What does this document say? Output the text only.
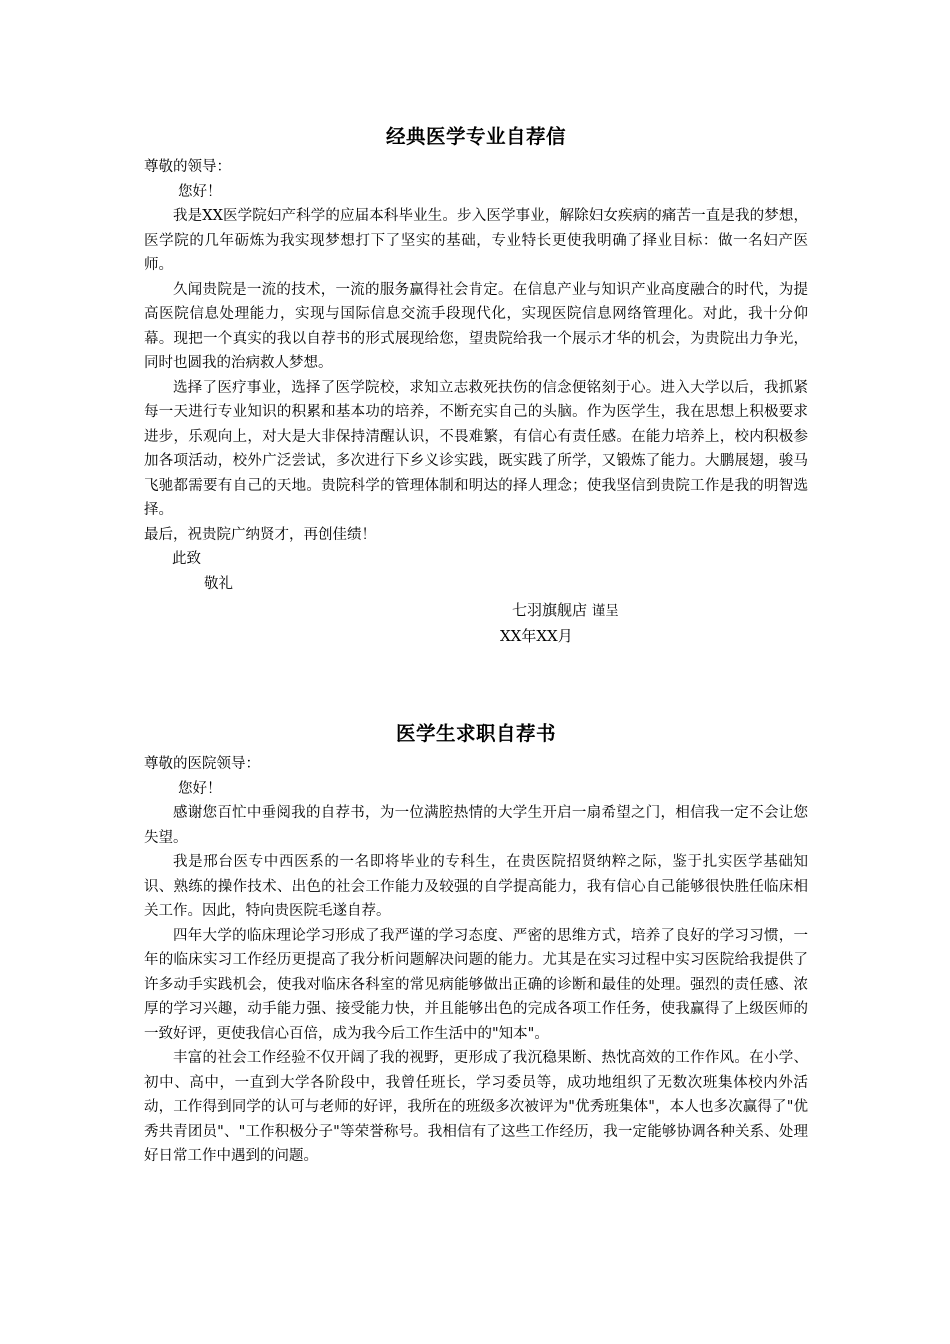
经典医学专业自荐信

尊敬的领导：

您好！

我是XX医学院妇产科学的应届本科毕业生。步入医学事业，解除妇女疾病的痛苦一直是我的梦想，医学院的几年砺炼为我实现梦想打下了坚实的基础，专业特长更使我明确了择业目标：做一名妇产医师。

久闻贵院是一流的技术，一流的服务赢得社会肯定。在信息产业与知识产业高度融合的时代，为提高医院信息处理能力，实现与国际信息交流手段现代化，实现医院信息网络管理化。对此，我十分仰幕。现把一个真实的我以自荐书的形式展现给您，望贵院给我一个展示才华的机会，为贵院出力争光，同时也圆我的治病救人梦想。

选择了医疗事业，选择了医学院校，求知立志救死扶伤的信念便铭刻于心。进入大学以后，我抓紧每一天进行专业知识的积累和基本功的培养，不断充实自己的头脑。作为医学生，我在思想上积极要求进步，乐观向上，对大是大非保持清醒认识，不畏难繁，有信心有责任感。在能力培养上，校内积极参加各项活动，校外广泛尝试，多次进行下乡义诊实践，既实践了所学，又锻炼了能力。大鹏展翅，骏马飞驰都需要有自己的天地。贵院科学的管理体制和明达的择人理念；使我坚信到贵院工作是我的明智选择。

最后，祝贵院广纳贤才，再创佳绩！

此致

敬礼

七羽旗舰店 谨呈

XX年XX月

医学生求职自荐书

尊敬的医院领导：

您好！

感谢您百忙中垂阅我的自荐书，为一位满腔热情的大学生开启一扇希望之门，相信我一定不会让您失望。

我是邢台医专中西医系的一名即将毕业的专科生，在贵医院招贤纳粹之际，鉴于扎实医学基础知识、熟练的操作技术、出色的社会工作能力及较强的自学提高能力，我有信心自己能够很快胜任临床相关工作。因此，特向贵医院毛遂自荐。

四年大学的临床理论学习形成了我严谨的学习态度、严密的思维方式，培养了良好的学习习惯，一年的临床实习工作经历更提高了我分析问题解决问题的能力。尤其是在实习过程中实习医院给我提供了许多动手实践机会，使我对临床各科室的常见病能够做出正确的诊断和最佳的处理。强烈的责任感、浓厚的学习兴趣，动手能力强、接受能力快，并且能够出色的完成各项工作任务，使我赢得了上级医师的一致好评，更使我信心百倍，成为我今后工作生活中的"知本"。

丰富的社会工作经验不仅开阔了我的视野，更形成了我沉稳果断、热忱高效的工作作风。在小学、初中、高中，一直到大学各阶段中，我曾任班长，学习委员等，成功地组织了无数次班集体校内外活动，工作得到同学的认可与老师的好评，我所在的班级多次被评为"优秀班集体"，本人也多次赢得了"优秀共青团员"、"工作积极分子"等荣誉称号。我相信有了这些工作经历，我一定能够协调各种关系、处理好日常工作中遇到的问题。
